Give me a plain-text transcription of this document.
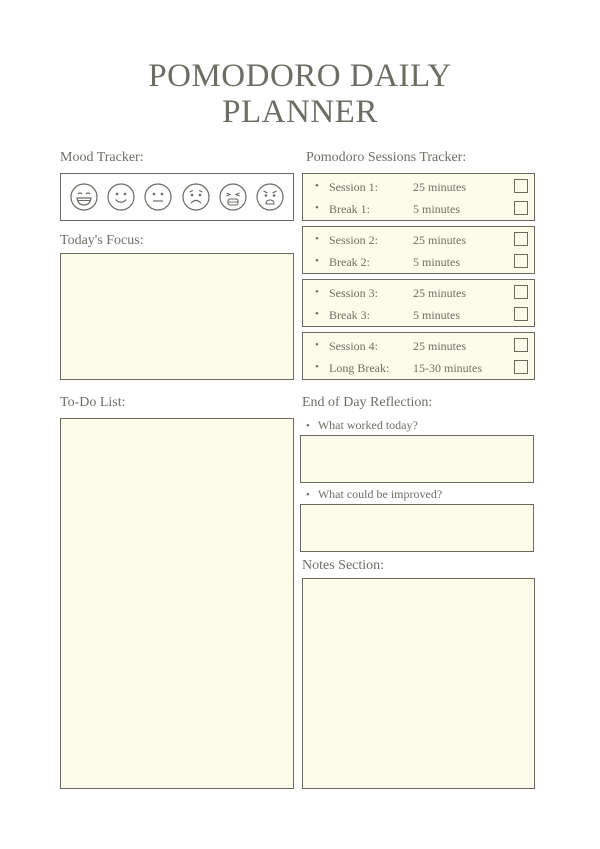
POMODORO DAILY
PLANNER
Mood Tracker:
Today's Focus:
To-Do List:
Pomodoro Sessions Tracker:
• Session 1:	25 minutes
• Break 1:	5 minutes
• Session 2:	25 minutes
• Break 2:	5 minutes
• Session 3:	25 minutes
• Break 3:	5 minutes
• Session 4:	25 minutes
• Long Break: 15-30 minutes
End of Day Reflection:
• What worked today?
• What could be improved?
Notes Section:
